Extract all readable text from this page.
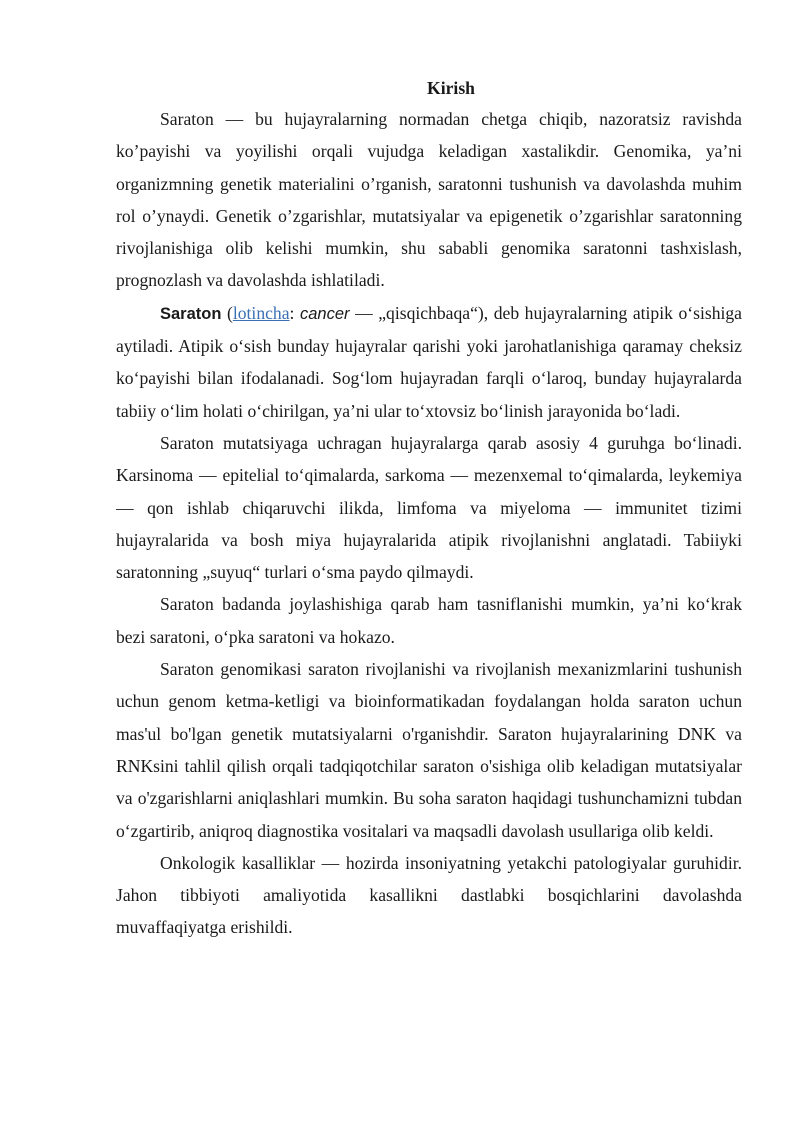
Kirish

Saraton — bu hujayralarning normadan chetga chiqib, nazoratsiz ravishda koʼpayishi va yoyilishi orqali vujudga keladigan xastalikdir. Genomika, yaʼni organizmning genetik materialini oʼrganish, saratonni tushunish va davolashda muhim rol oʼynaydi. Genetik oʼzgarishlar, mutatsiyalar va epigenetik oʼzgarishlar saratonning rivojlanishiga olib kelishi mumkin, shu sababli genomika saratonni tashxislash, prognozlash va davolashda ishlatiladi.

Saraton (lotincha: cancer — „qisqichbaqa“), deb hujayralarning atipik oʻsishiga aytiladi. Atipik oʻsish bunday hujayralar qarishi yoki jarohatlanishiga qaramay cheksiz koʻpayishi bilan ifodalanadi. Sogʻlom hujayradan farqli oʻlaroq, bunday hujayralarda tabiiy oʻlim holati oʻchirilgan, yaʼni ular toʻxtovsiz boʻlinish jarayonida boʻladi.

Saraton mutatsiyaga uchragan hujayralarga qarab asosiy 4 guruhga boʻlinadi. Karsinoma — epitelial toʻqimalarda, sarkoma — mezenxemal toʻqimalarda, leykemiya — qon ishlab chiqaruvchi ilikda, limfoma va miyeloma — immunitet tizimi hujayralarida va bosh miya hujayralarida atipik rivojlanishni anglatadi. Tabiiyki saratonning „suyuq“ turlari oʻsma paydo qilmaydi.

Saraton badanda joylashishiga qarab ham tasniflanishi mumkin, yaʼni koʻkrak bezi saratoni, oʻpka saratoni va hokazo.

Saraton genomikasi saraton rivojlanishi va rivojlanish mexanizmlarini tushunish uchun genom ketma-ketligi va bioinformatikadan foydalangan holda saraton uchun mas'ul bo'lgan genetik mutatsiyalarni o'rganishdir. Saraton hujayralarining DNK va RNKsini tahlil qilish orqali tadqiqotchilar saraton o'sishiga olib keladigan mutatsiyalar va o'zgarishlarni aniqlashlari mumkin. Bu soha saraton haqidagi tushunchamizni tubdan oʻzgartirib, aniqroq diagnostika vositalari va maqsadli davolash usullariga olib keldi.

Onkologik kasalliklar — hozirda insoniyatning yetakchi patologiyalar guruhidir. Jahon tibbiyoti amaliyotida kasallikni dastlabki bosqichlarini davolashda muvaffaqiyatga erishildi.
